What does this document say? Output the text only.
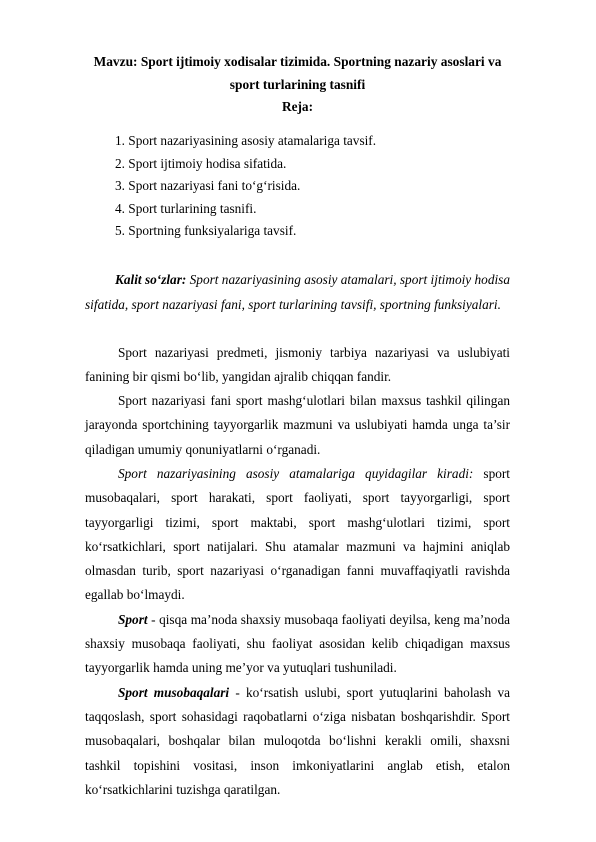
Mavzu: Sport ijtimoiy xodisalar tizimida. Sportning nazariy asoslari va sport turlarining tasnifi

Reja:

1. Sport nazariyasining asosiy atamalariga tavsif.
2. Sport ijtimoiy hodisa sifatida.
3. Sport nazariyasi fani to‘g‘risida.
4. Sport turlarining tasnifi.
5. Sportning funksiyalariga tavsif.
Kalit so‘zlar: Sport nazariyasining asosiy atamalari, sport ijtimoiy hodisa sifatida, sport nazariyasi fani, sport turlarining tavsifi, sportning funksiyalari.

Sport nazariyasi predmeti, jismoniy tarbiya nazariyasi va uslubiyati fanining bir qismi bo‘lib, yangidan ajralib chiqqan fandir.

Sport nazariyasi fani sport mashg‘ulotlari bilan maxsus tashkil qilingan jarayonda sportchining tayyorgarlik mazmuni va uslubiyati hamda unga ta’sir qiladigan umumiy qonuniyatlarni o‘rganadi.

Sport nazariyasining asosiy atamalariga quyidagilar kiradi: sport musobaqalari, sport harakati, sport faoliyati, sport tayyorgarligi, sport tayyorgarligi tizimi, sport maktabi, sport mashg‘ulotlari tizimi, sport ko‘rsatkichlari, sport natijalari. Shu atamalar mazmuni va hajmini aniqlab olmasdan turib, sport nazariyasi o‘rganadigan fanni muvaffaqiyatli ravishda egallab bo‘lmaydi.

Sport - qisqa ma’noda shaxsiy musobaqa faoliyati deyilsa, keng ma’noda shaxsiy musobaqa faoliyati, shu faoliyat asosidan kelib chiqadigan maxsus tayyorgarlik hamda uning me’yor va yutuqlari tushuniladi.

Sport musobaqalari - ko‘rsatish uslubi, sport yutuqlarini baholash va taqqoslash, sport sohasidagi raqobatlarni o‘ziga nisbatan boshqarishdir. Sport musobaqalari, boshqalar bilan muloqotda bo‘lishni kerakli omili, shaxsni tashkil topishini vositasi, inson imkoniyatlarini anglab etish, etalon ko‘rsatkichlarini tuzishga qaratilgan.
